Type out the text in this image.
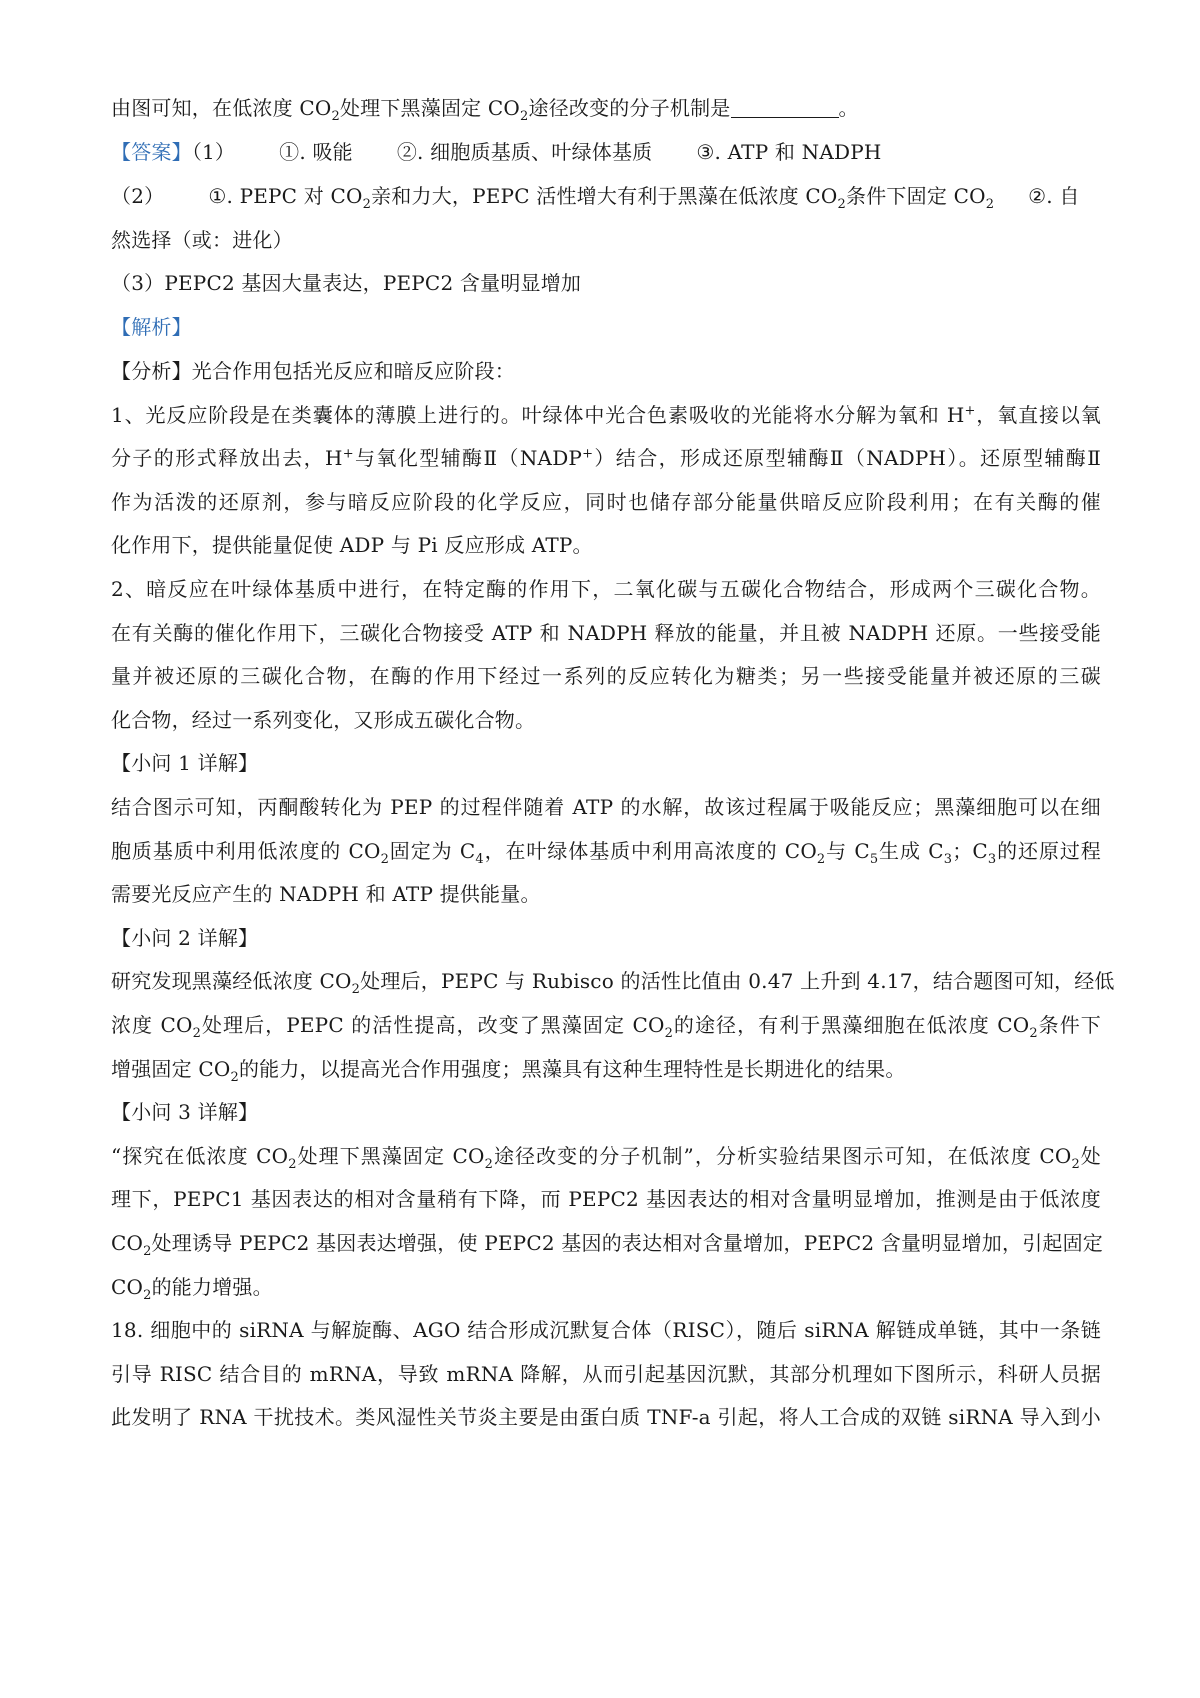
由图可知，在低浓度 $CO_2$处理下黑藻固定 $CO_2$途径改变的分子机制是	。
【答案】（1） ①. 吸能 ②. 细胞质基质、叶绿体基质 ③. ATP 和 NADPH
（2） ①. PEPC 对 $CO_2$亲和力大，PEPC 活性增大有利于黑藻在低浓度 $CO_2$条件下固定 $CO_2$ ②. 自
然选择（或：进化）
（3）PEPC2 基因大量表达，PEPC2 含量明显增加
【解析】
【分析】光合作用包括光反应和暗反应阶段：
1、光反应阶段是在类囊体的薄膜上进行的。叶绿体中光合色素吸收的光能将水分解为氧和 H+，氧直接以氧
分子的形式释放出去，H+与氧化型辅酶Ⅱ（NADP+）结合，形成还原型辅酶Ⅱ（NADPH）。还原型辅酶Ⅱ
作为活泼的还原剂，参与暗反应阶段的化学反应，同时也储存部分能量供暗反应阶段利用；在有关酶的催
化作用下，提供能量促使 ADP 与 Pi 反应形成 ATP。
2、暗反应在叶绿体基质中进行，在特定酶的作用下，二氧化碳与五碳化合物结合，形成两个三碳化合物。
在有关酶的催化作用下，三碳化合物接受 ATP 和 NADPH 释放的能量，并且被 NADPH 还原。一些接受能
量并被还原的三碳化合物，在酶的作用下经过一系列的反应转化为糖类；另一些接受能量并被还原的三碳
化合物，经过一系列变化，又形成五碳化合物。
【小问 1 详解】
结合图示可知，丙酮酸转化为 PEP 的过程伴随着 ATP 的水解，故该过程属于吸能反应；黑藻细胞可以在细
胞质基质中利用低浓度的 $CO_2$固定为 $C_4$，在叶绿体基质中利用高浓度的 $CO_2$与 $C_5$生成 $C_3$；$C_3$的还原过程
需要光反应产生的 NADPH 和 ATP 提供能量。
【小问 2 详解】
研究发现黑藻经低浓度 $CO_2$处理后，PEPC 与 Rubisco 的活性比值由 0.47 上升到 4.17，结合题图可知，经低
浓度 $CO_2$处理后，PEPC 的活性提高，改变了黑藻固定 $CO_2$的途径，有利于黑藻细胞在低浓度 $CO_2$条件下
增强固定 $CO_2$的能力，以提高光合作用强度；黑藻具有这种生理特性是长期进化的结果。
【小问 3 详解】
“探究在低浓度 $CO_2$处理下黑藻固定 $CO_2$途径改变的分子机制”，分析实验结果图示可知，在低浓度 $CO_2$处
理下，PEPC1 基因表达的相对含量稍有下降，而 PEPC2 基因表达的相对含量明显增加，推测是由于低浓度
$CO_2$处理诱导 PEPC2 基因表达增强，使 PEPC2 基因的表达相对含量增加，PEPC2 含量明显增加，引起固定
$CO_2$的能力增强。
18. 细胞中的 siRNA 与解旋酶、AGO 结合形成沉默复合体（RISC），随后 siRNA 解链成单链，其中一条链
引导 RISC 结合目的 mRNA，导致 mRNA 降解，从而引起基因沉默，其部分机理如下图所示，科研人员据
此发明了 RNA 干扰技术。类风湿性关节炎主要是由蛋白质 TNF-a 引起，将人工合成的双链 siRNA 导入到小
